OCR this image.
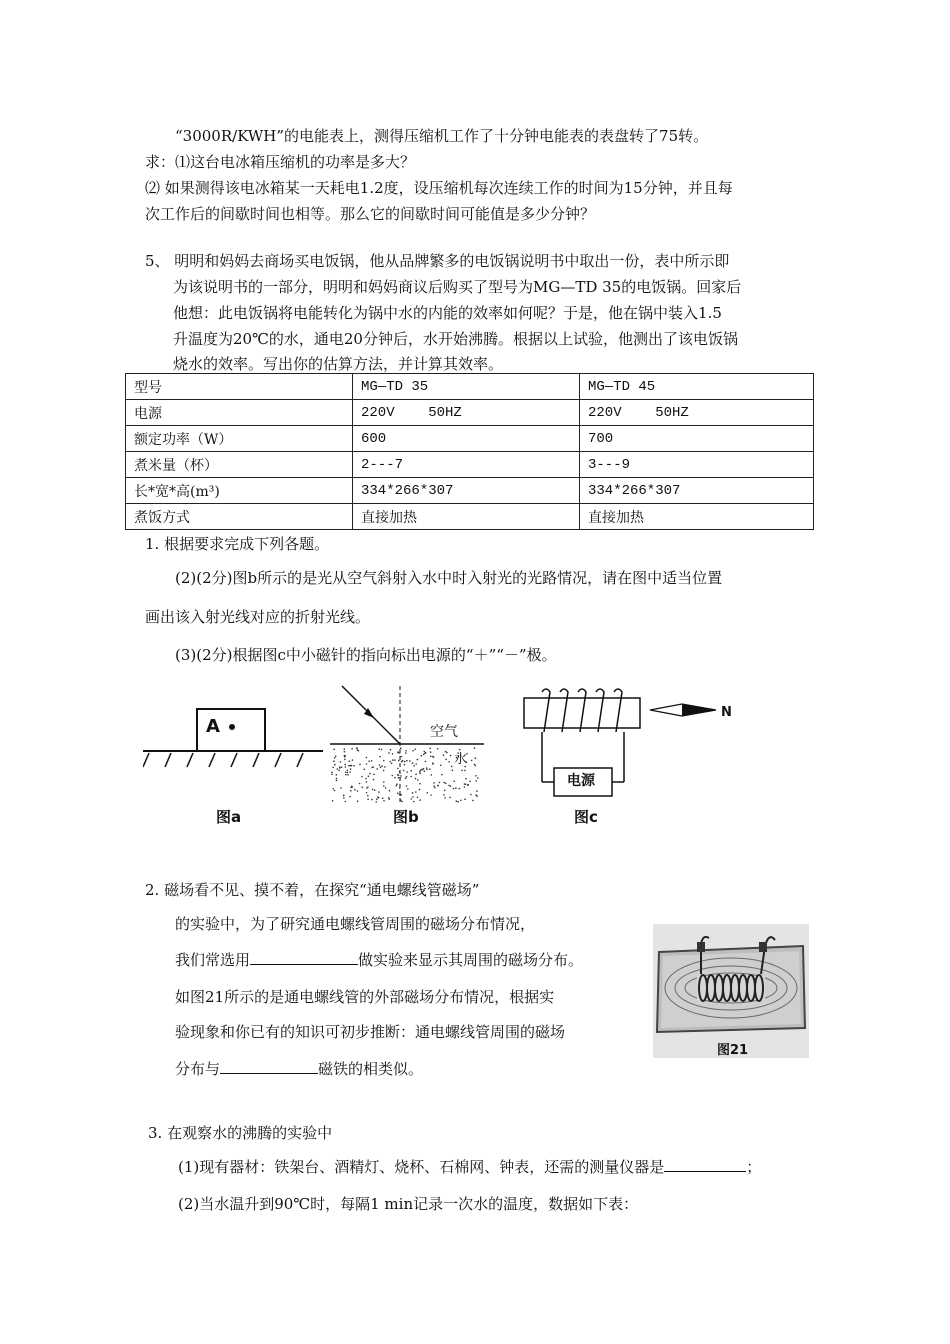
“3000R/KWH”的电能表上，测得压缩机工作了十分钟电能表的表盘转了75转。
求：⑴这台电冰箱压缩机的功率是多大？
⑵ 如果测得该电冰箱某一天耗电1.2度，设压缩机每次连续工作的时间为15分钟，并且每
次工作后的间歇时间也相等。那么它的间歇时间可能值是多少分钟？
5、 明明和妈妈去商场买电饭锅，他从品牌繁多的电饭锅说明书中取出一份，表中所示即
为该说明书的一部分，明明和妈妈商议后购买了型号为MG—TD 35的电饭锅。回家后
他想：此电饭锅将电能转化为锅中水的内能的效率如何呢？于是，他在锅中装入1.5
升温度为20℃的水，通电20分钟后，水开始沸腾。根据以上试验，他测出了该电饭锅
烧水的效率。写出你的估算方法，并计算其效率。
型号	MG—TD 35	MG—TD 45
电源	220V    50HZ	220V    50HZ
额定功率（W）	600	700
煮米量（杯）	2---7	3---9
长*宽*高(m³)	334*266*307	334*266*307
煮饭方式	直接加热	直接加热
1. 根据要求完成下列各题。
(2)(2分)图b所示的是光从空气斜射入水中时入射光的光路情况，请在图中适当位置
画出该入射光线对应的折射光线。
(3)(2分)根据图c中小磁针的指向标出电源的“＋”“－”极。
A
图a
空气
水
图b
电源
N
图c
2. 磁场看不见、摸不着，在探究“通电螺线管磁场”
的实验中，为了研究通电螺线管周围的磁场分布情况，
我们常选用	做实验来显示其周围的磁场分布。
如图21所示的是通电螺线管的外部磁场分布情况，根据实
验现象和你已有的知识可初步推断：通电螺线管周围的磁场
分布与	磁铁的相类似。
图21
3. 在观察水的沸腾的实验中
(1)现有器材：铁架台、酒精灯、烧杯、石棉网、钟表，还需的测量仪器是	；
(2)当水温升到90℃时，每隔1 min记录一次水的温度，数据如下表：
